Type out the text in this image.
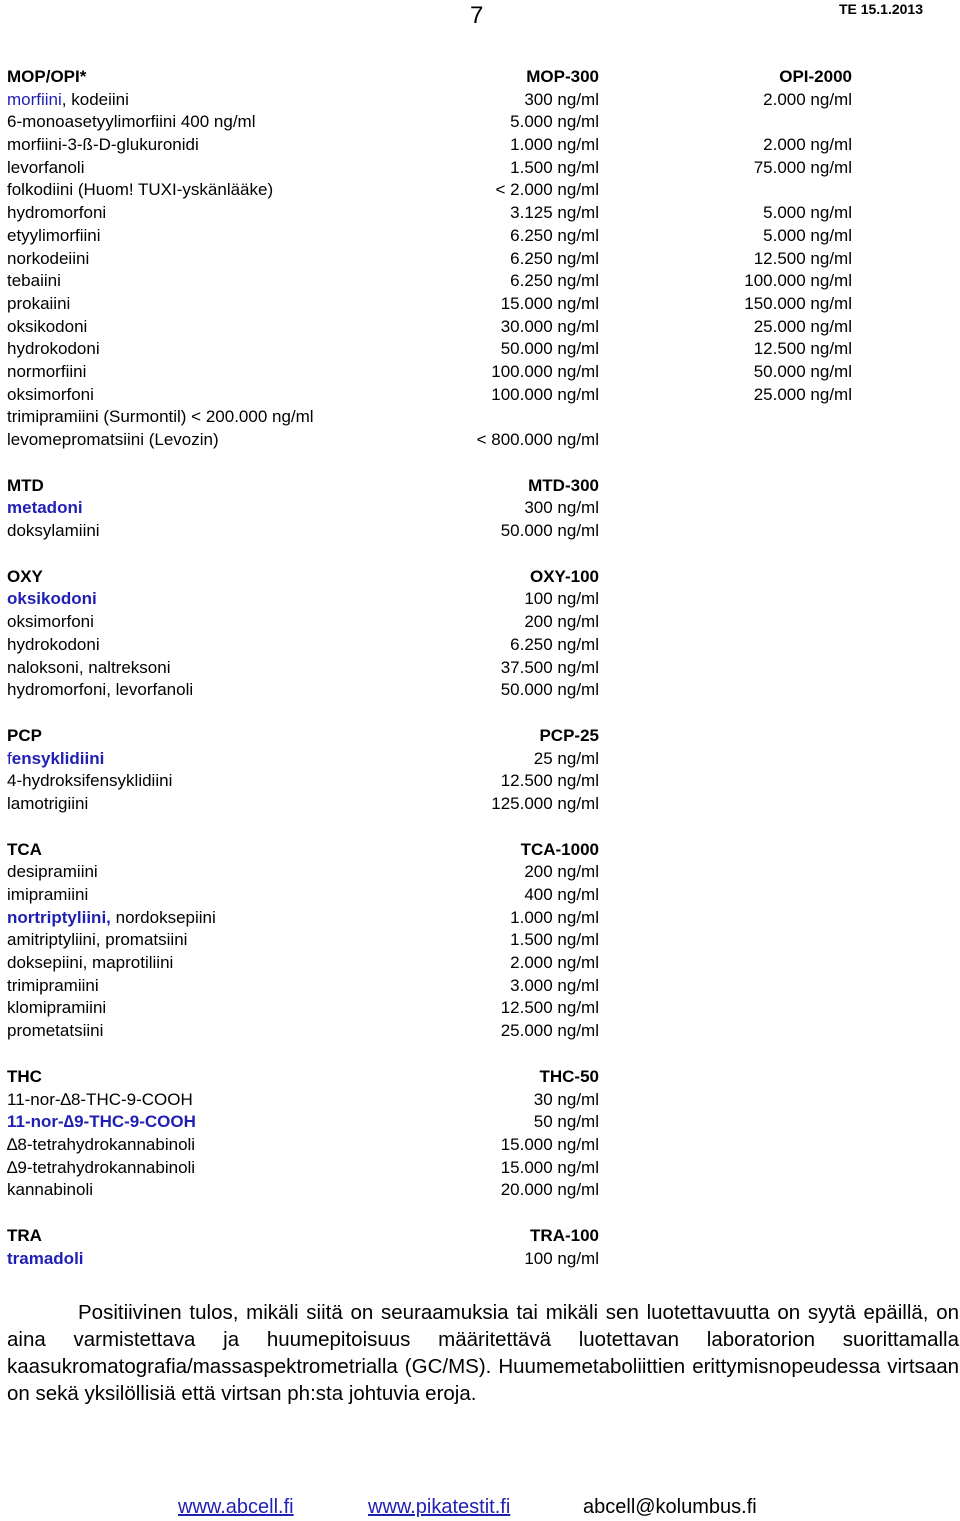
7	TE 15.1.2013
MOP/OPI*	MOP-300	OPI-2000
morfiini, kodeiini	300 ng/ml	2.000 ng/ml
6-monoasetyylimorfiini 400 ng/ml	5.000 ng/ml
morfiini-3-ß-D-glukuronidi	1.000 ng/ml	2.000 ng/ml
levorfanoli	1.500 ng/ml	75.000 ng/ml
folkodiini (Huom! TUXI-yskänlääke)	< 2.000 ng/ml
hydromorfoni	3.125 ng/ml	5.000 ng/ml
etyylimorfiini	6.250 ng/ml	5.000 ng/ml
norkodeiini	6.250 ng/ml	12.500 ng/ml
tebaiini	6.250 ng/ml	100.000 ng/ml
prokaiini	15.000 ng/ml	150.000 ng/ml
oksikodoni	30.000 ng/ml	25.000 ng/ml
hydrokodoni	50.000 ng/ml	12.500 ng/ml
normorfiini	100.000 ng/ml	50.000 ng/ml
oksimorfoni	100.000 ng/ml	25.000 ng/ml
trimipramiini (Surmontil) < 200.000 ng/ml
levomepromatsiini (Levozin)	< 800.000 ng/ml
MTD	MTD-300
metadoni	300 ng/ml
doksylamiini	50.000 ng/ml
OXY	OXY-100
oksikodoni	100 ng/ml
oksimorfoni	200 ng/ml
hydrokodoni	6.250 ng/ml
naloksoni, naltreksoni	37.500 ng/ml
hydromorfoni, levorfanoli	50.000 ng/ml
PCP	PCP-25
fensyklidiini	25 ng/ml
4-hydroksifensyklidiini	12.500 ng/ml
lamotrigiini	125.000 ng/ml
TCA	TCA-1000
desipramiini	200 ng/ml
imipramiini	400 ng/ml
nortriptyliini, nordoksepiini	1.000 ng/ml
amitriptyliini, promatsiini	1.500 ng/ml
doksepiini, maprotiliini	2.000 ng/ml
trimipramiini	3.000 ng/ml
klomipramiini	12.500 ng/ml
prometatsiini	25.000 ng/ml
THC	THC-50
11-nor-∆8-THC-9-COOH	30 ng/ml
11-nor-∆9-THC-9-COOH	50 ng/ml
∆8-tetrahydrokannabinoli	15.000 ng/ml
∆9-tetrahydrokannabinoli	15.000 ng/ml
kannabinoli	20.000 ng/ml
TRA	TRA-100
tramadoli	100 ng/ml
Positiivinen tulos, mikäli siitä on seuraamuksia tai mikäli sen luotettavuutta on syytä epäillä, on aina varmistettava ja huumepitoisuus määritettävä luotettavan laboratorion suorittamalla kaasukromatografia/massaspektrometrialla (GC/MS). Huumemetaboliittien erittymisnopeudessa virtsaan on sekä yksilöllisiä että virtsan ph:sta johtuvia eroja.
www.abcell.fi	www.pikatestit.fi	abcell@kolumbus.fi
